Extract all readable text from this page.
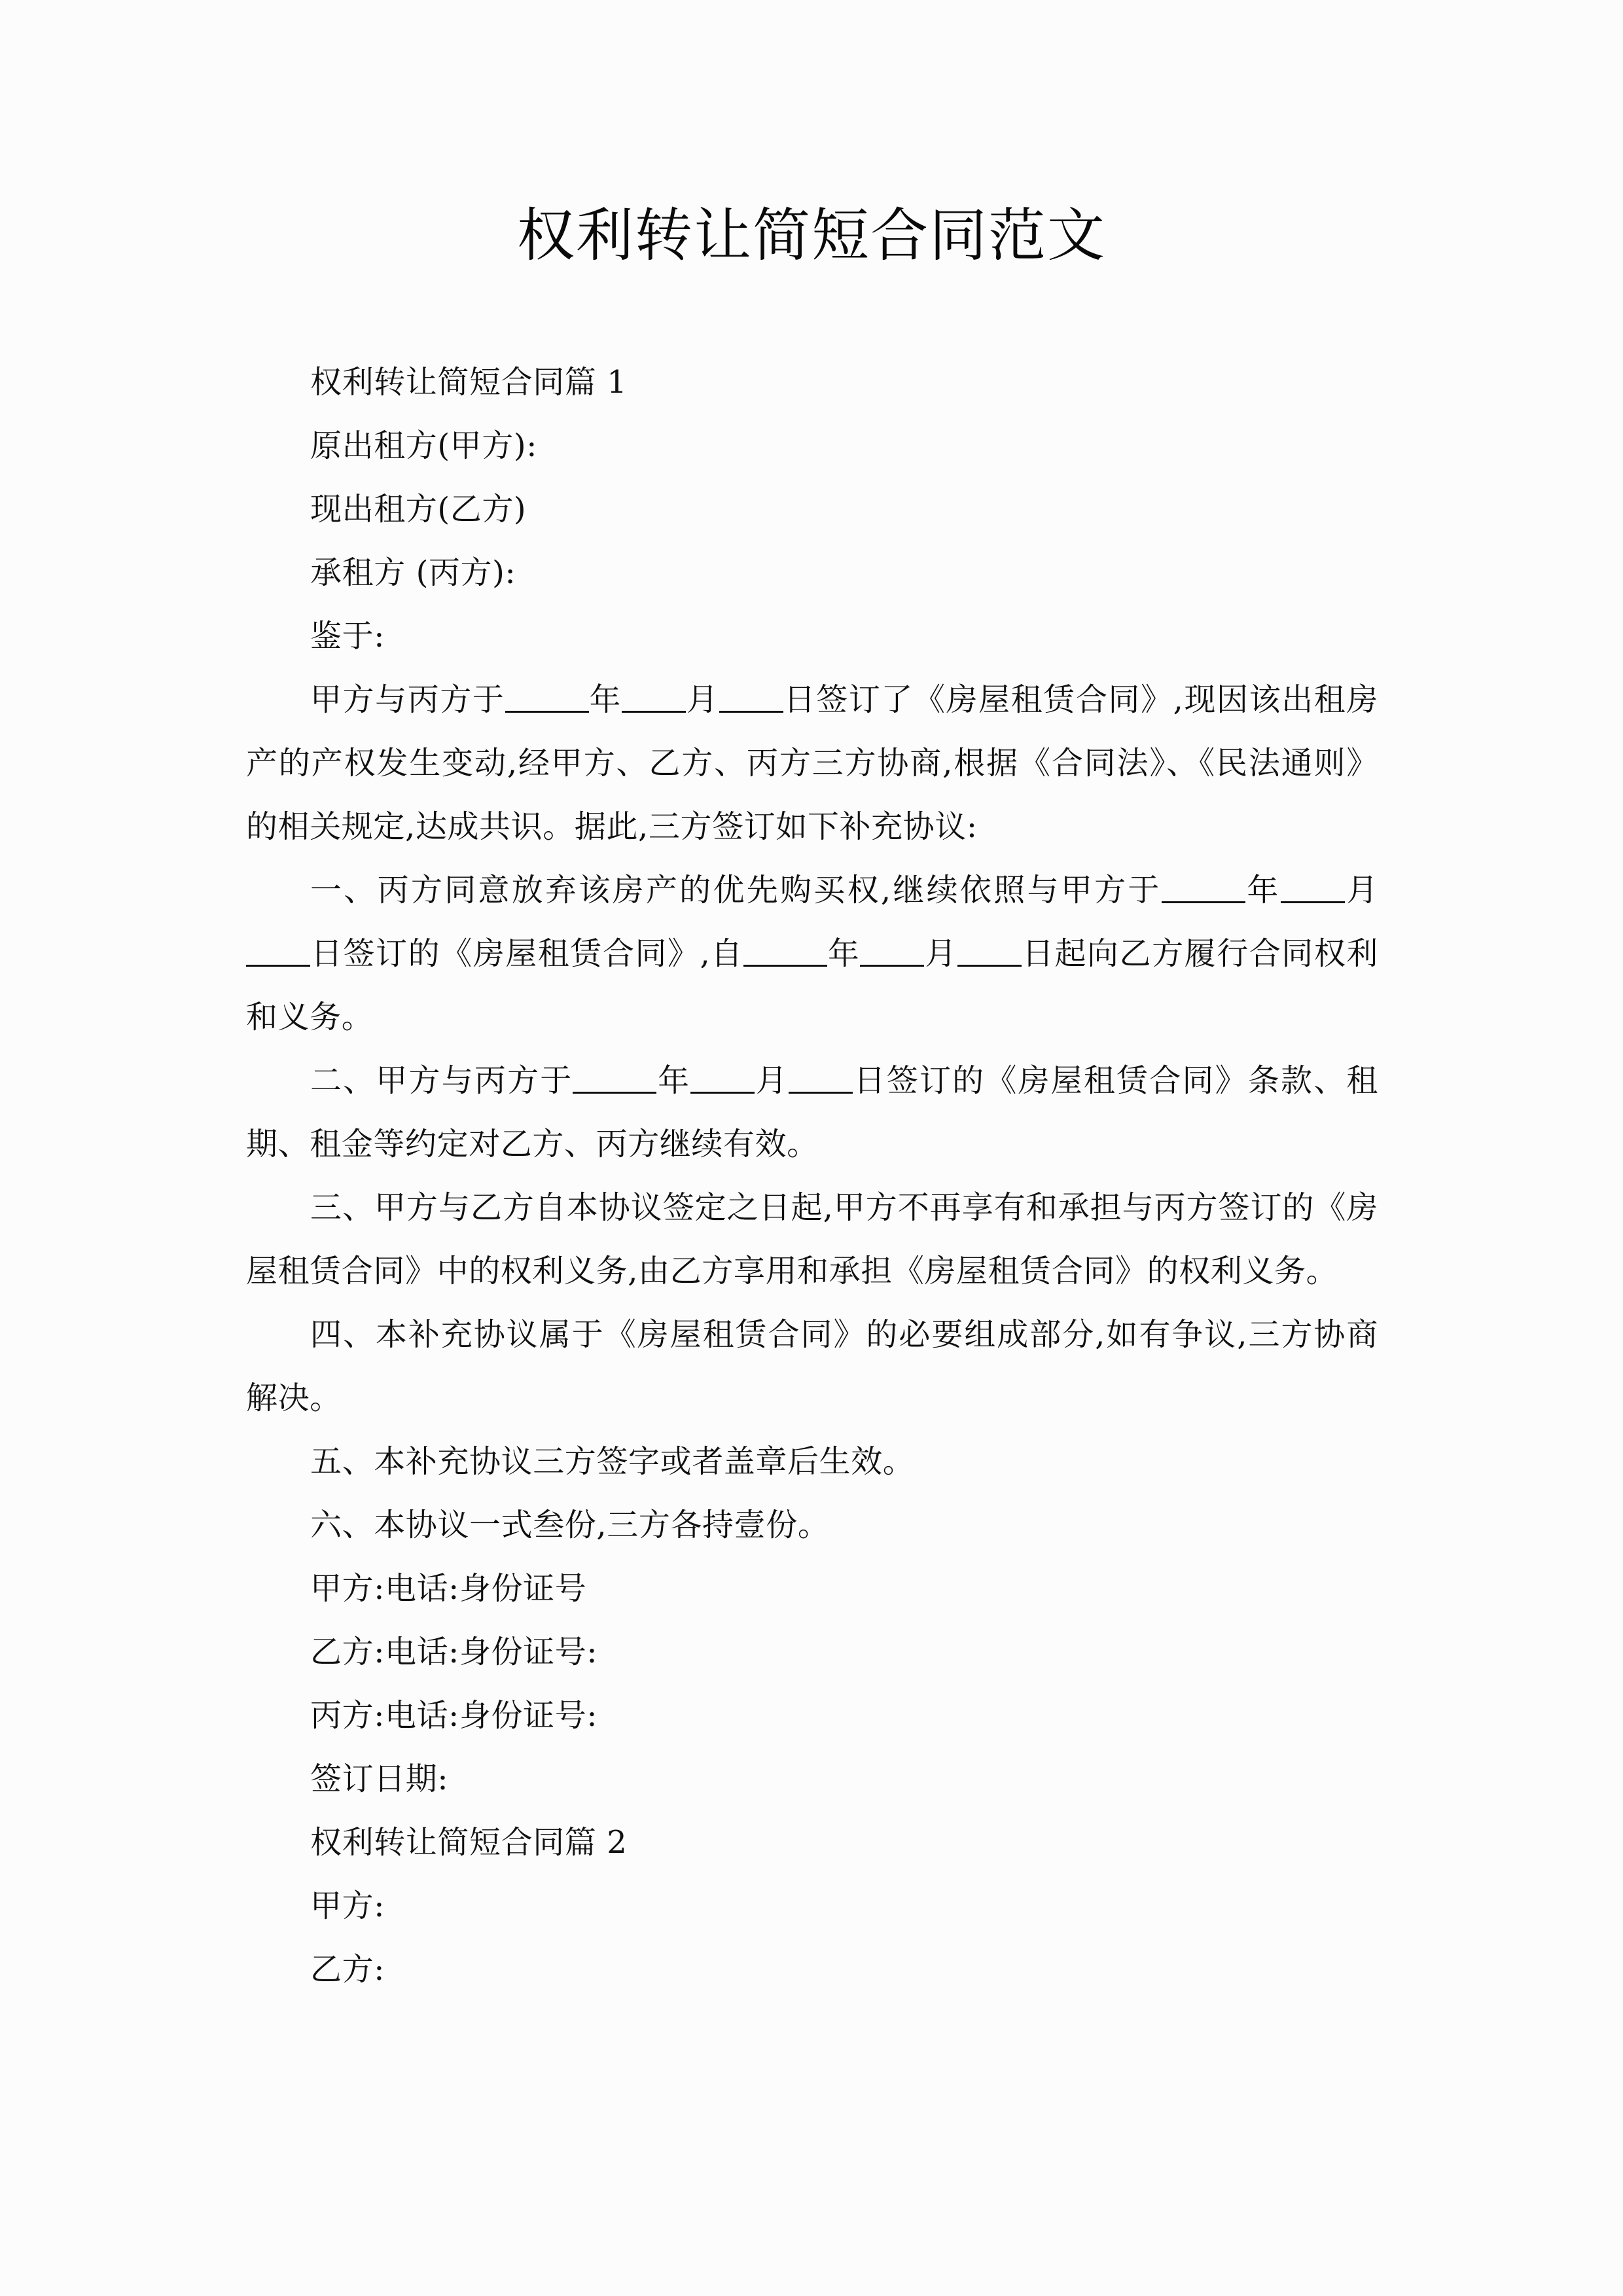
权利转让简短合同范文

权利转让简短合同篇 1

原出租方(甲方):

现出租方(乙方)

承租方 (丙方):

鉴于:

甲方与丙方于	年 月 日签订了《房屋租赁合同》,现因该出租房产的产权发生变动,经甲方、乙方、丙方三方协商,根据《合同法》、《民法通则》的相关规定,达成共识。据此,三方签订如下补充协议:

一、丙方同意放弃该房产的优先购买权,继续依照与甲方于	年 月日签订的《房屋租赁合同》,自	年 月 日起向乙方履行合同权利和义务。

二、甲方与丙方于	年 月 日签订的《房屋租赁合同》条款、租期、租金等约定对乙方、丙方继续有效。

三、甲方与乙方自本协议签定之日起,甲方不再享有和承担与丙方签订的《房屋租赁合同》中的权利义务,由乙方享用和承担《房屋租赁合同》的权利义务。

四、本补充协议属于《房屋租赁合同》的必要组成部分,如有争议,三方协商解决。

五、本补充协议三方签字或者盖章后生效。

六、本协议一式叁份,三方各持壹份。

甲方:电话:身份证号

乙方:电话:身份证号:

丙方:电话:身份证号:

签订日期:

权利转让简短合同篇 2

甲方:

乙方:
